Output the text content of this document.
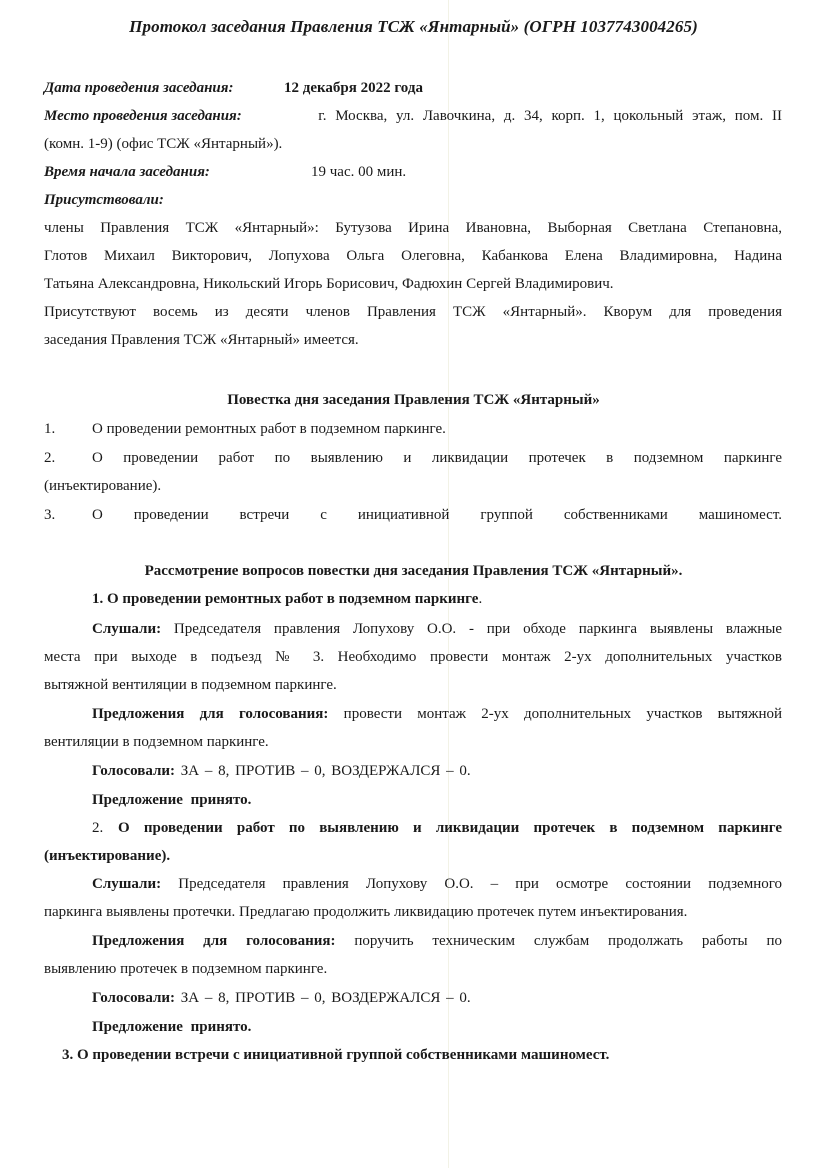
Протокол заседания Правления ТСЖ «Янтарный» (ОГРН 1037743004265)
Дата проведения заседания:	12 декабря 2022 года
Место проведения заседания:	г. Москва, ул. Лавочкина, д. 34, корп. 1, цокольный этаж, пом. II
(комн. 1-9) (офис ТСЖ «Янтарный»).
Время начала заседания:	19 час. 00 мин.
Присутствовали:
члены Правления ТСЖ «Янтарный»: Бутузова Ирина Ивановна, Выборная Светлана Степановна,
Глотов Михаил Викторович, Лопухова Ольга Олеговна, Кабанкова Елена Владимировна, Надина
Татьяна Александровна, Никольский Игорь Борисович, Фадюхин Сергей Владимирович.
Присутствуют восемь из десяти членов Правления ТСЖ «Янтарный». Кворум для проведения
заседания Правления ТСЖ «Янтарный» имеется.
Повестка дня заседания Правления ТСЖ «Янтарный»
1. О проведении ремонтных работ в подземном паркинге.
2. О проведении работ по выявлению и ликвидации протечек в подземном паркинге
(инъектирование).
3. О проведении встречи с инициативной группой собственниками машиномест.
Рассмотрение вопросов повестки дня заседания Правления ТСЖ «Янтарный».
1. О проведении ремонтных работ в подземном паркинге.
Слушали: Председателя правления Лопухову О.О. - при обходе паркинга выявлены влажные
места при выходе в подъезд № 3. Необходимо провести монтаж 2-ух дополнительных участков
вытяжной вентиляции в подземном паркинге.
Предложения для голосования: провести монтаж 2-ух дополнительных участков вытяжной
вентиляции в подземном паркинге.
Голосовали: ЗА – 8, ПРОТИВ – 0, ВОЗДЕРЖАЛСЯ – 0.
Предложение принято.
2. О проведении работ по выявлению и ликвидации протечек в подземном паркинге
(инъектирование).
Слушали: Председателя правления Лопухову О.О. – при осмотре состоянии подземного
паркинга выявлены протечки. Предлагаю продолжить ликвидацию протечек путем инъектирования.
Предложения для голосования: поручить техническим службам продолжать работы по
выявлению протечек в подземном паркинге.
Голосовали: ЗА – 8, ПРОТИВ – 0, ВОЗДЕРЖАЛСЯ – 0.
Предложение принято.
3. О проведении встречи с инициативной группой собственниками машиномест.
